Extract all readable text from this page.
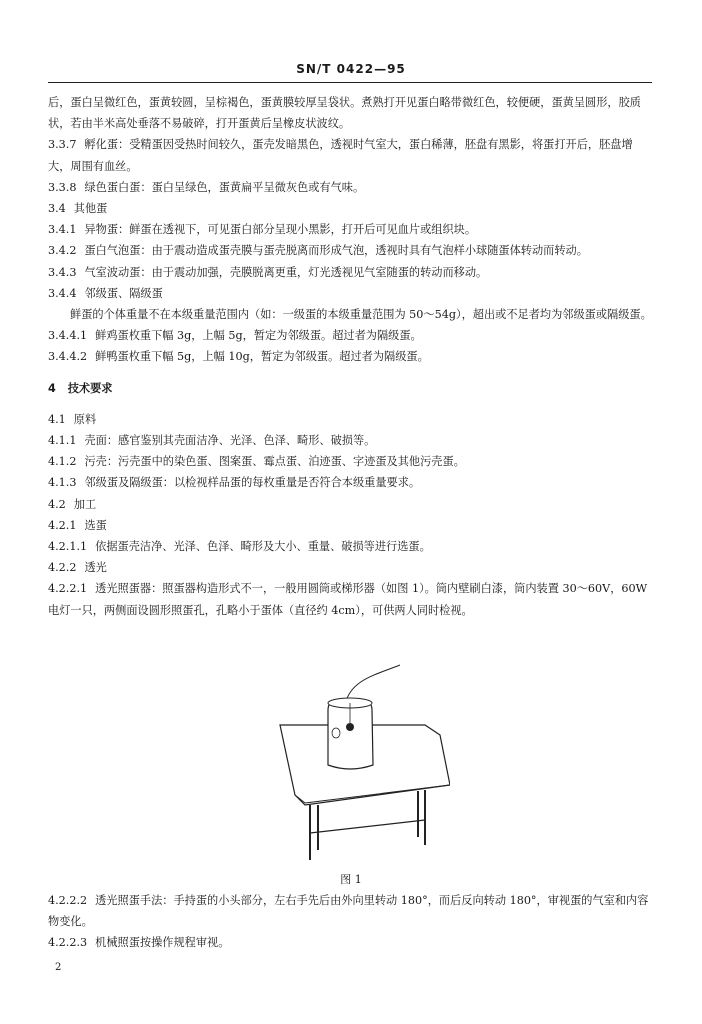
SN/T 0422—95

后，蛋白呈微红色，蛋黄较圆，呈棕褐色，蛋黄膜较厚呈袋状。煮熟打开见蛋白略带微红色，较便硬，蛋黄呈圆形，胶质状，若由半米高处垂落不易破碎，打开蛋黄后呈橡皮状波纹。

3.3.7 孵化蛋：受精蛋因受热时间较久，蛋壳发暗黑色，透视时气室大，蛋白稀薄，胚盘有黑影，将蛋打开后，胚盘增大，周围有血丝。

3.3.8 绿色蛋白蛋：蛋白呈绿色，蛋黄扁平呈微灰色或有气味。

3.4 其他蛋

3.4.1 异物蛋：鲜蛋在透视下，可见蛋白部分呈现小黑影，打开后可见血片或组织块。

3.4.2 蛋白气泡蛋：由于震动造成蛋壳膜与蛋壳脱离而形成气泡，透视时具有气泡样小球随蛋体转动而转动。

3.4.3 气室波动蛋：由于震动加强，壳膜脱离更重，灯光透视见气室随蛋的转动而移动。

3.4.4 邻级蛋、隔级蛋

鲜蛋的个体重量不在本级重量范围内（如：一级蛋的本级重量范围为 50～54g），超出或不足者均为邻级蛋或隔级蛋。

3.4.4.1 鲜鸡蛋枚重下幅 3g，上幅 5g，暂定为邻级蛋。超过者为隔级蛋。

3.4.4.2 鲜鸭蛋枚重下幅 5g，上幅 10g，暂定为邻级蛋。超过者为隔级蛋。

4 技术要求

4.1 原料

4.1.1 壳面：感官鉴别其壳面洁净、光泽、色泽、畸形、破损等。

4.1.2 污壳：污壳蛋中的染色蛋、图案蛋、霉点蛋、泊迹蛋、字迹蛋及其他污壳蛋。

4.1.3 邻级蛋及隔级蛋：以检视样品蛋的每枚重量是否符合本级重量要求。

4.2 加工

4.2.1 选蛋

4.2.1.1 依据蛋壳洁净、光泽、色泽、畸形及大小、重量、破损等进行选蛋。

4.2.2 透光

4.2.2.1 透光照蛋器：照蛋器构造形式不一，一般用圆筒或梯形器（如图 1）。筒内壁刷白漆，筒内装置 30～60V，60W 电灯一只，两侧面设圆形照蛋孔，孔略小于蛋体（直径约 4cm），可供两人同时检视。

图 1

4.2.2.2 透光照蛋手法：手持蛋的小头部分，左右手先后由外向里转动 180°，而后反向转动 180°，审视蛋的气室和内容物变化。

4.2.2.3 机械照蛋按操作规程审视。

2
